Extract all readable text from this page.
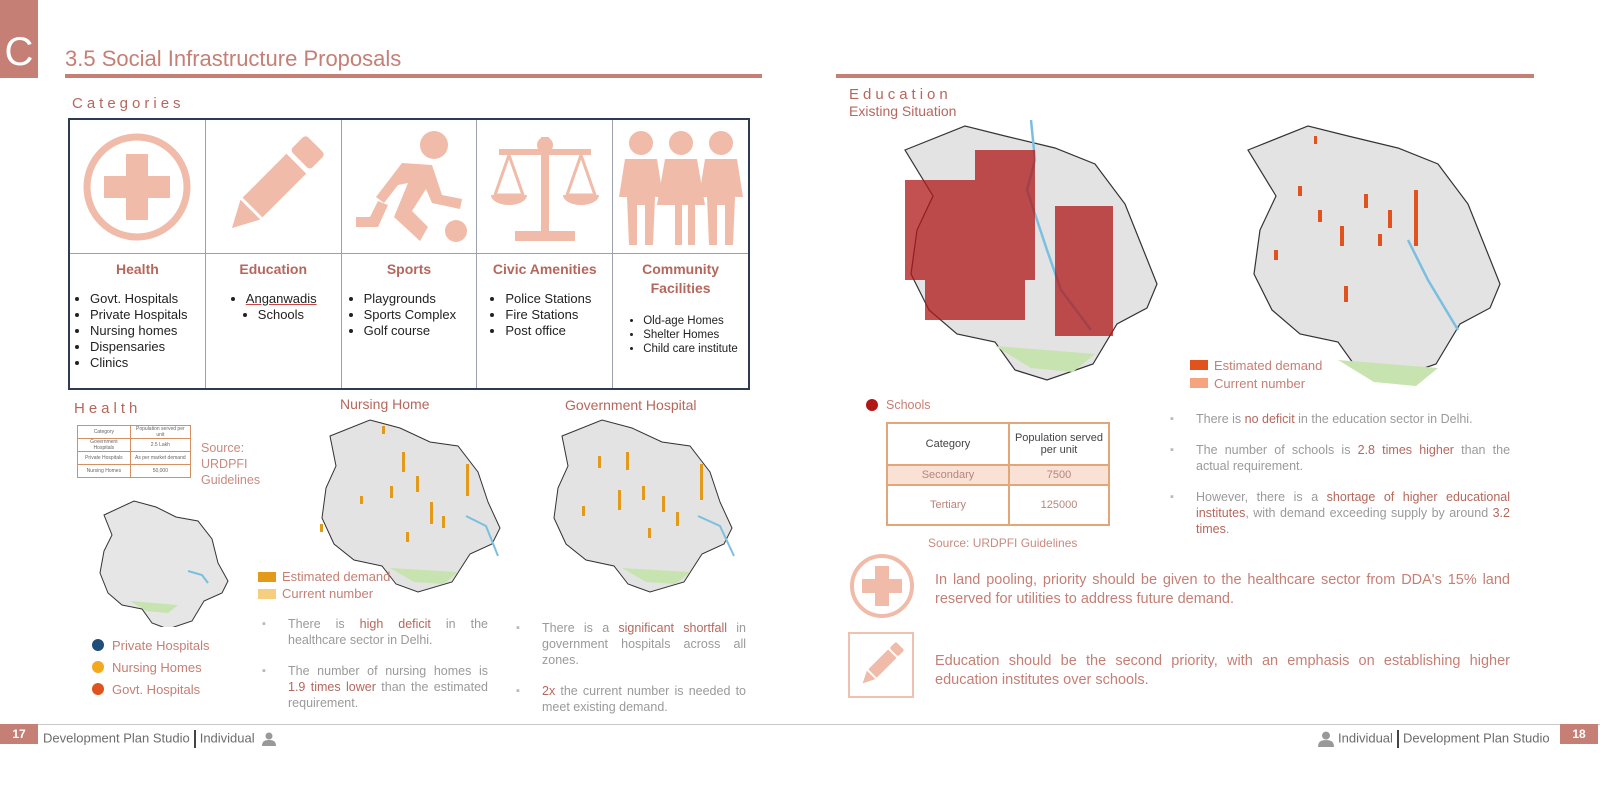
C 3.5 Social Infrastructure Proposals
Categories
Health
• Govt. Hospitals
• Private Hospitals
• Nursing homes
• Dispensaries
• Clinics
Education
• Anganwadis
• Schools
Sports
• Playgrounds
• Sports Complex
• Golf course
Civic Amenities
• Police Stations
• Fire Stations
• Post office
Community Facilities
• Old-age Homes
• Shelter Homes
• Child care institute
Health
Category	Population served per unit
Government Hospitals	2.5 Lakh
Private Hospitals	As per market demand
Nursing Homes	50,000
Source: URDPFI Guidelines
Private Hospitals
Nursing Homes
Govt. Hospitals
Nursing Home
Estimated demand
Current number
Government Hospital
▪ There is high deficit in the healthcare sector in Delhi.
▪ The number of nursing homes is 1.9 times lower than the estimated requirement.
▪ There is a significant shortfall in government hospitals across all zones.
▪ 2x the current number is needed to meet existing demand.
Education
Existing Situation
Schools
Estimated demand
Current number
Category	Population served per unit
Secondary	7500
Tertiary	125000
Source: URDPFI Guidelines
▪ There is no deficit in the education sector in Delhi.
▪ The number of schools is 2.8 times higher than the actual requirement.
▪ However, there is a shortage of higher educational institutes, with demand exceeding supply by around 3.2 times.
In land pooling, priority should be given to the healthcare sector from DDA's 15% land reserved for utilities to address future demand.
Education should be the second priority, with an emphasis on establishing higher education institutes over schools.
17	Development Plan Studio Individual	Individual Development Plan Studio	18
